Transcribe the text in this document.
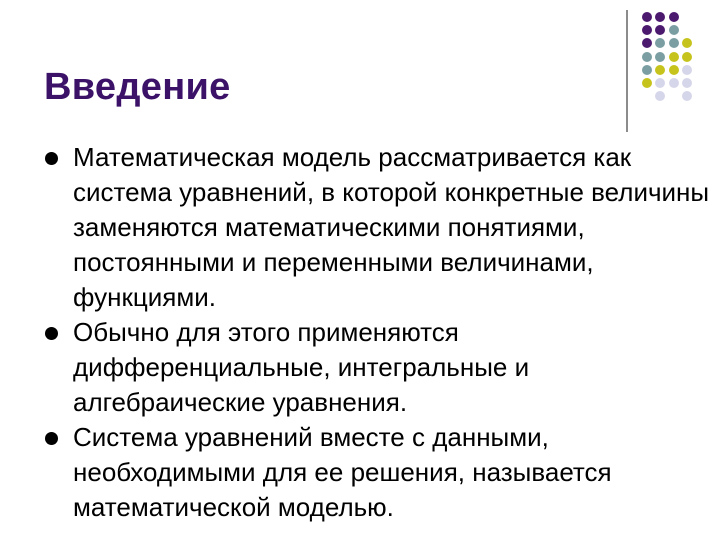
Введение
Математическая модель рассматривается как система уравнений, в которой конкретные величины заменяются математическими понятиями, постоянными и переменными величинами, функциями.
Обычно для этого применяются дифференциальные, интегральные и алгебраические уравнения.
Система уравнений вместе с данными, необходимыми для ее решения, называется математической моделью.
